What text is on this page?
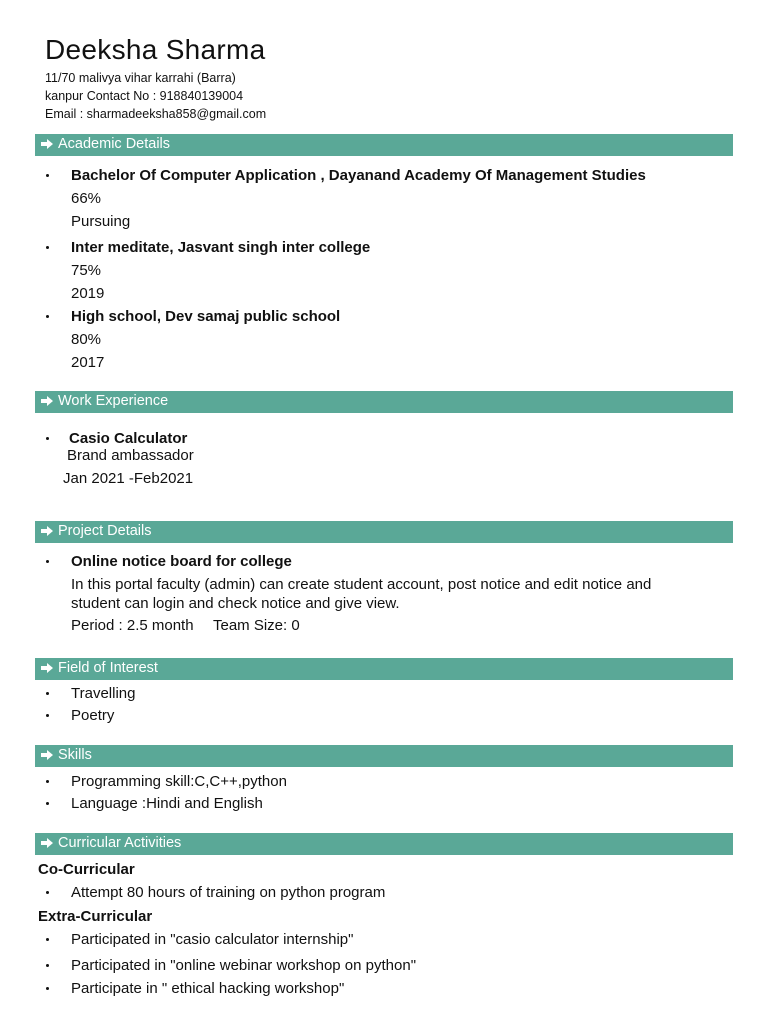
Deeksha Sharma
11/70 malivya vihar karrahi (Barra)
kanpur Contact No : 918840139004
Email : sharmadeeksha858@gmail.com
Academic Details
Bachelor Of Computer Application , Dayanand Academy Of Management Studies
66%
Pursuing
Inter meditate, Jasvant singh inter college
75%
2019
High school, Dev samaj public school
80%
2017
Work Experience
Casio Calculator
Brand ambassador
Jan 2021 -Feb2021
Project Details
Online notice board for college
In this portal faculty (admin) can create student account, post notice and edit notice and
student can login and check notice and give view.
Period : 2.5 month Team Size: 0
Field of Interest
Travelling
Poetry
Skills
Programming skill:C,C++,python
Language :Hindi and English
Curricular Activities
Co-Curricular
Attempt 80 hours of training on python program
Extra-Curricular
Participated in "casio calculator internship"
Participated in "online webinar workshop on python"
Participate in " ethical hacking workshop"
